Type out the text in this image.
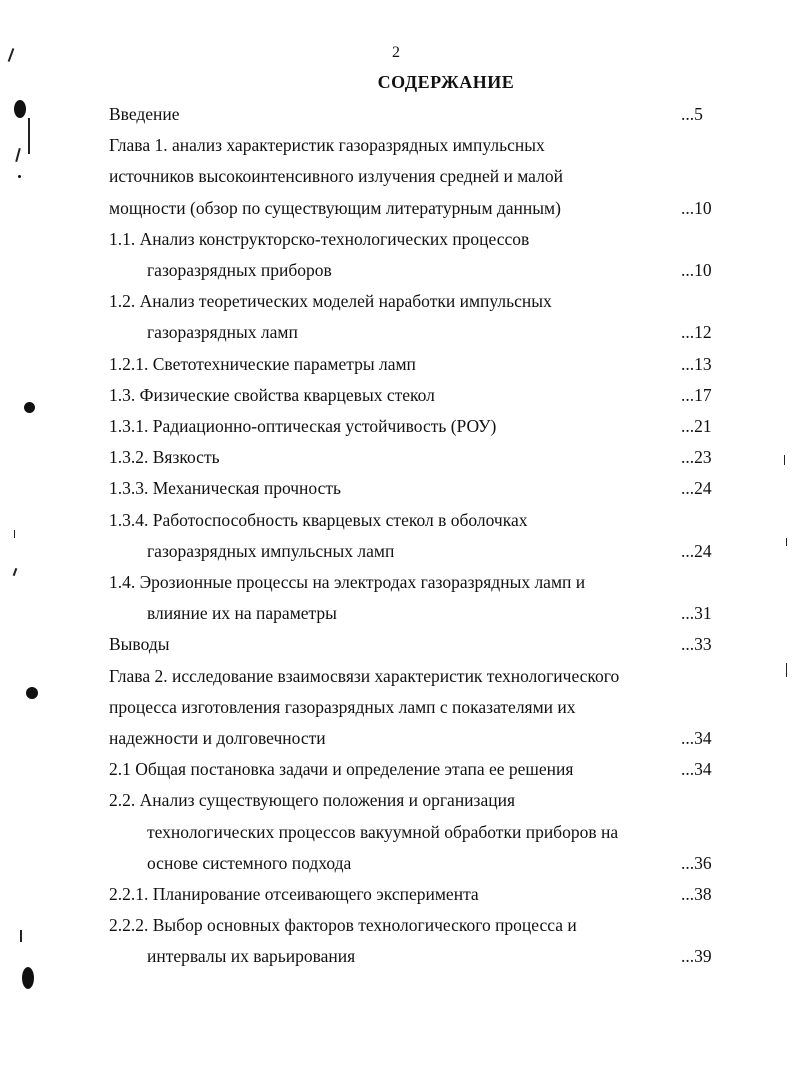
2
СОДЕРЖАНИЕ
Введение	...5
Глава 1. анализ характеристик газоразрядных импульсных
источников высокоинтенсивного излучения средней и малой
мощности (обзор по существующим литературным данным)	...10
1.1. Анализ конструкторско-технологических процессов
газоразрядных приборов	...10
1.2. Анализ теоретических моделей наработки импульсных
газоразрядных ламп	...12
1.2.1. Светотехнические параметры ламп	...13
1.3. Физические свойства кварцевых стекол	...17
1.3.1. Радиационно-оптическая устойчивость (РОУ)	...21
1.3.2. Вязкость	...23
1.3.3. Механическая прочность	...24
1.3.4. Работоспособность кварцевых стекол в оболочках
газоразрядных импульсных ламп	...24
1.4. Эрозионные процессы на электродах газоразрядных ламп и
влияние их на параметры	...31
Выводы	...33
Глава 2. исследование взаимосвязи характеристик технологического
процесса изготовления газоразрядных ламп с показателями их
надежности и долговечности	...34
2.1 Общая постановка задачи и определение этапа ее решения	...34
2.2. Анализ существующего положения и организация
технологических процессов вакуумной обработки приборов на
основе системного подхода	...36
2.2.1. Планирование отсеивающего эксперимента	...38
2.2.2. Выбор основных факторов технологического процесса и
интервалы их варьирования	...39
